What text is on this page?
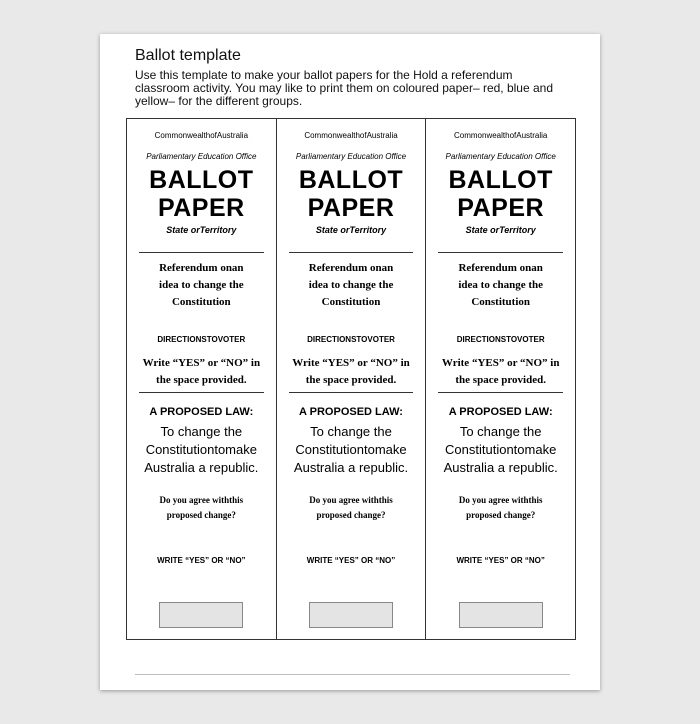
Ballot template
Use this template to make your ballot papers for the Hold a referendum classroom activity. You may like to print them on coloured paper– red, blue and yellow– for the different groups.

CommonwealthofAustralia

Parliamentary Education Office

BALLOT
PAPER

State orTerritory

Referendum onan
idea to change the
Constitution

DIRECTIONSTOVOTER

Write “YES” or “NO” in
the space provided.

A PROPOSED LAW:

To change the
Constitutiontomake
Australia a republic.
Do you agree withthis
proposed change?

WRITE “YES” OR “NO”

CommonwealthofAustralia

Parliamentary Education Office

BALLOT
PAPER

State orTerritory

Referendum onan
idea to change the
Constitution

DIRECTIONSTOVOTER

Write “YES” or “NO” in
the space provided.

A PROPOSED LAW:

To change the
Constitutiontomake
Australia a republic.
Do you agree withthis
proposed change?

WRITE “YES” OR “NO”

CommonwealthofAustralia

Parliamentary Education Office

BALLOT
PAPER

State orTerritory

Referendum onan
idea to change the
Constitution

DIRECTIONSTOVOTER

Write “YES” or “NO” in
the space provided.

A PROPOSED LAW:

To change the
Constitutiontomake
Australia a republic.
Do you agree withthis
proposed change?

WRITE “YES” OR “NO”
